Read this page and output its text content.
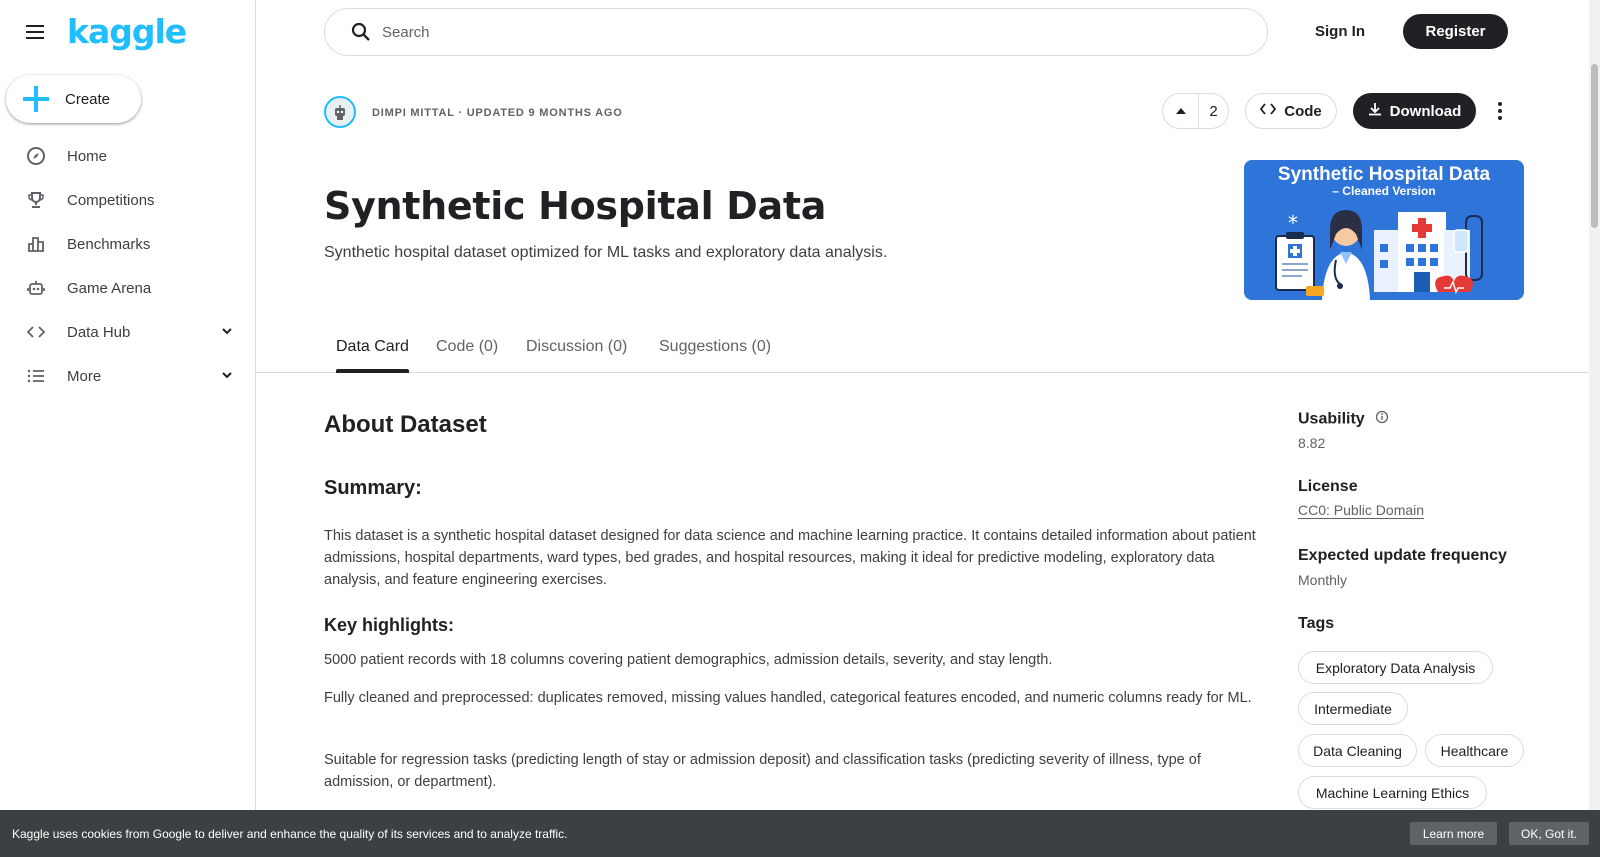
kaggle
Create
Home
Competitions
Benchmarks
Game Arena
Data Hub
More
Search
Sign In	Register
DIMPI MITTAL · UPDATED 9 MONTHS AGO	2	Code	Download
Synthetic Hospital Data
Synthetic hospital dataset optimized for ML tasks and exploratory data analysis.
Synthetic Hospital Data
– Cleaned Version
*
Data Card Code (0) Discussion (0) Suggestions (0)
About Dataset
Summary:

This dataset is a synthetic hospital dataset designed for data science and machine learning practice. It contains detailed information about patient admissions, hospital departments, ward types, bed grades, and hospital resources, making it ideal for predictive modeling, exploratory data analysis, and feature engineering exercises.

Key highlights:

5000 patient records with 18 columns covering patient demographics, admission details, severity, and stay length.

Fully cleaned and preprocessed: duplicates removed, missing values handled, categorical features encoded, and numeric columns ready for ML.

Suitable for regression tasks (predicting length of stay or admission deposit) and classification tasks (predicting severity of illness, type of admission, or department).

Usability
8.82
License
CC0: Public Domain
Expected update frequency
Monthly
Tags
Exploratory Data Analysis
Intermediate
Data Cleaning	Healthcare
Machine Learning Ethics
Kaggle uses cookies from Google to deliver and enhance the quality of its services and to analyze traffic.	Learn more	OK, Got it.
